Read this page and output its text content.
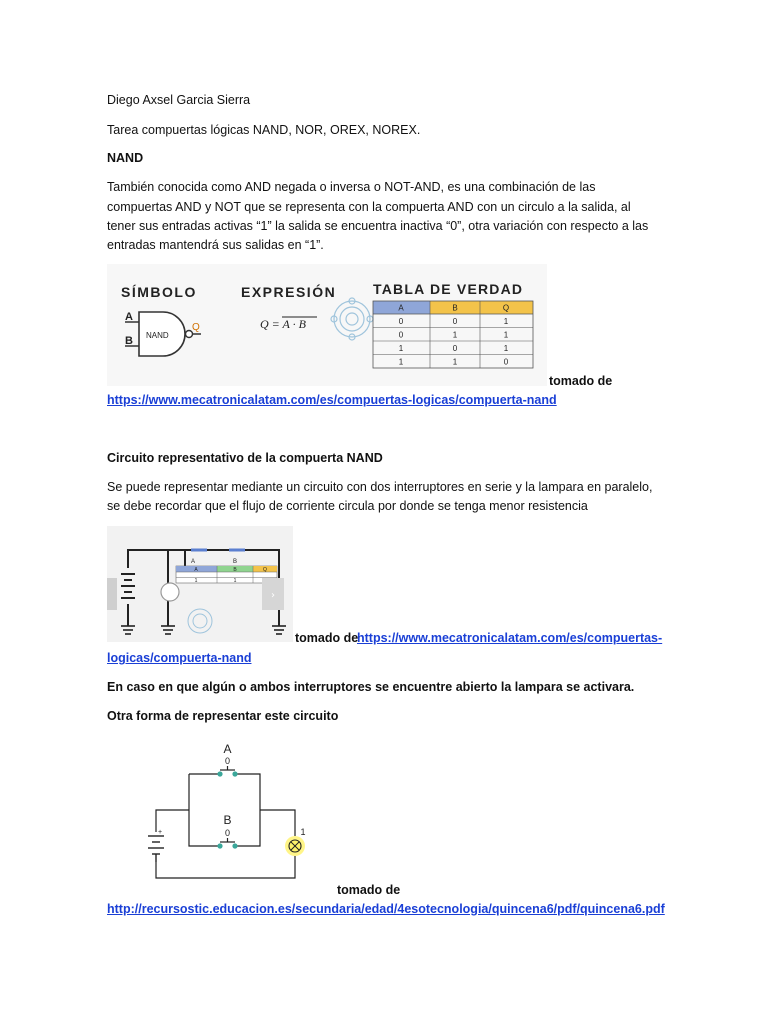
Diego Axsel Garcia Sierra
Tarea compuertas lógicas NAND, NOR, OREX, NOREX.
NAND
También conocida como AND negada o inversa o NOT-AND, es una combinación de las
compuertas AND y NOT que se representa con la compuerta AND con un circulo a la salida, al
tener sus entradas activas “1” la salida se encuentra inactiva “0”, otra variación con respecto a las
entradas mantendrá sus salidas en “1”.
SÍMBOLO	EXPRESIÓN	TABLA DE VERDAD
NAND
A
B
Q	Q = A · B
A	B	Q
0	0	1
0	1	1
1	0	1
1	1	0
tomado de
https://www.mecatronicalatam.com/es/compuertas-logicas/compuerta-nand
Circuito representativo de la compuerta NAND
Se puede representar mediante un circuito con dos interruptores en serie y la lampara en paralelo,
se debe recordar que el flujo de corriente circula por donde se tenga menor resistencia
A	B
A	B	Q
1	1
›
tomado de
https://www.mecatronicalatam.com/es/compuertas-
logicas/compuerta-nand
En caso en que algún o ambos interruptores se encuentre abierto la lampara se activara.
Otra forma de representar este circuito
+
A
0
B
0	1
tomado de
http://recursostic.educacion.es/secundaria/edad/4esotecnologia/quincena6/pdf/quincena6.pdf
